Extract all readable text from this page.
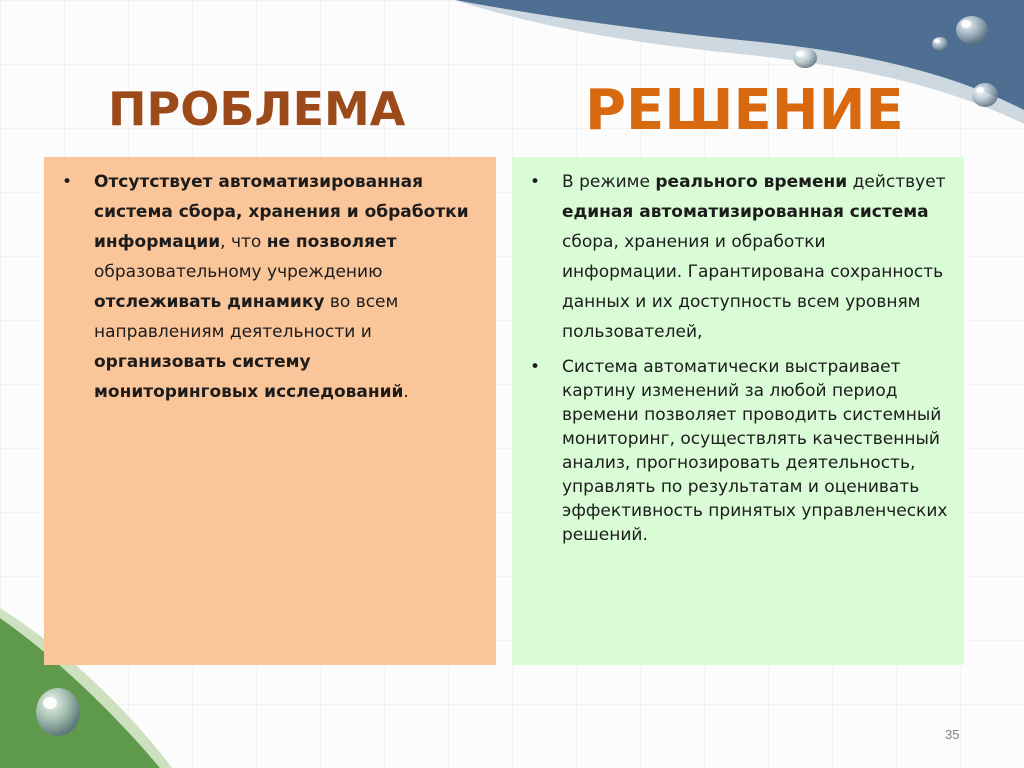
ПРОБЛЕМА	РЕШЕНИЕ

• Отсутствует автоматизированная система сбора, хранения и обработки информации, что не позволяет образовательному учреждению отслеживать динамику во всем направлениям деятельности и организовать систему мониторинговых исследований.

• В режиме реального времени действует единая автоматизированная система сбора, хранения и обработки информации. Гарантирована сохранность данных и их доступность всем уровням пользователей,

• Система автоматически выстраивает картину изменений за любой период времени позволяет проводить системный мониторинг, осуществлять качественный анализ, прогнозировать деятельность, управлять по результатам и оценивать эффективность принятых управленческих решений.

35
